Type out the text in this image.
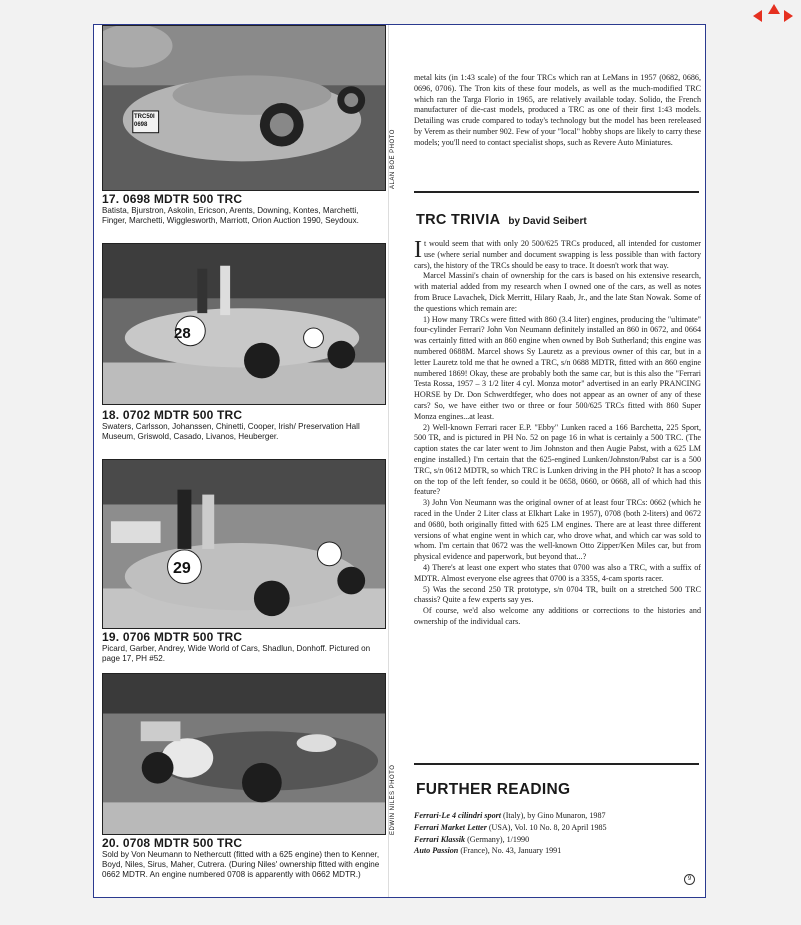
TRC50I 0698
ALAN BOE PHOTO
17. 0698 MDTR 500 TRC

Batista, Bjurstron, Askolin, Ericson, Arents, Downing, Kontes, Marchetti, Finger, Marchetti, Wigglesworth, Marriott, Orion Auction 1990, Seydoux.

28
18. 0702 MDTR 500 TRC

Swaters, Carlsson, Johanssen, Chinetti, Cooper, Irish/ Preservation Hall Museum, Griswold, Casado, Livanos, Heuberger.

29
19. 0706 MDTR 500 TRC

Picard, Garber, Andrey, Wide World of Cars, Shadlun, Donhoff. Pictured on page 17, PH #52.

EDWIN NILES PHOTO
20. 0708 MDTR 500 TRC

Sold by Von Neumann to Nethercutt (fitted with a 625 engine) then to Kenner, Boyd, Niles, Sirus, Maher, Cutrera. (During Niles' ownership fitted with engine 0662 MDTR. An engine numbered 0708 is apparently with 0662 MDTR.)

metal kits (in 1:43 scale) of the four TRCs which ran at LeMans in 1957 (0682, 0686, 0696, 0706). The Tron kits of these four models, as well as the much-modified TRC which ran the Targa Florio in 1965, are relatively available today. Solido, the French manufacturer of die-cast models, produced a TRC as one of their first 1:43 models. Detailing was crude compared to today's technology but the model has been rereleased by Verem as their number 902. Few of your "local" hobby shops are likely to carry these models; you'll need to contact specialist shops, such as Revere Auto Miniatures.

TRC TRIVIA by David Seibert

It would seem that with only 20 500/625 TRCs produced, all intended for customer use (where serial number and document swapping is less possible than with factory cars), the history of the TRCs should be easy to trace. It doesn't work that way.

Marcel Massini's chain of ownership for the cars is based on his extensive research, with material added from my research when I owned one of the cars, as well as notes from Bruce Lavachek, Dick Merritt, Hilary Raab, Jr., and the late Stan Nowak. Some of the questions which remain are:

1) How many TRCs were fitted with 860 (3.4 liter) engines, producing the "ultimate" four-cylinder Ferrari? John Von Neumann definitely installed an 860 in 0672, and 0664 was certainly fitted with an 860 engine when owned by Bob Sutherland; this engine was numbered 0688M. Marcel shows Sy Lauretz as a previous owner of this car, but in a letter Lauretz told me that he owned a TRC, s/n 0688 MDTR, fitted with an 860 engine numbered 1869! Okay, these are probably both the same car, but is this also the "Ferrari Testa Rossa, 1957 – 3 1/2 liter 4 cyl. Monza motor" advertised in an early PRANCING HORSE by Dr. Don Schwerdtfeger, who does not appear as an owner of any of these cars? So, we have either two or three or four 500/625 TRCs fitted with 860 Super Monza engines...at least.

2) Well-known Ferrari racer E.P. "Ebby" Lunken raced a 166 Barchetta, 225 Sport, 500 TR, and is pictured in PH No. 52 on page 16 in what is certainly a 500 TRC. (The caption states the car later went to Jim Johnston and then Augie Pabst, with a 625 LM engine installed.) I'm certain that the 625-engined Lunken/Johnston/Pabst car is a 500 TRC, s/n 0612 MDTR, so which TRC is Lunken driving in the PH photo? It has a scoop on the top of the left fender, so could it be 0658, 0660, or 0668, all of which had this feature?

3) John Von Neumann was the original owner of at least four TRCs: 0662 (which he raced in the Under 2 Liter class at Elkhart Lake in 1957), 0708 (both 2-liters) and 0672 and 0680, both originally fitted with 625 LM engines. There are at least three different versions of what engine went in which car, who drove what, and which car was sold to whom. I'm certain that 0672 was the well-known Otto Zipper/Ken Miles car, but from physical evidence and paperwork, but beyond that...?

4) There's at least one expert who states that 0700 was also a TRC, with a suffix of MDTR. Almost everyone else agrees that 0700 is a 335S, 4-cam sports racer.

5) Was the second 250 TR prototype, s/n 0704 TR, built on a stretched 500 TRC chassis? Quite a few experts say yes.

Of course, we'd also welcome any additions or corrections to the histories and ownership of the individual cars.

FURTHER READING
Ferrari-Le 4 cilindri sport (Italy), by Gino Munaron, 1987
Ferrari Market Letter (USA), Vol. 10 No. 8, 20 April 1985
Ferrari Klassik (Germany), 1/1990
Auto Passion (France), No. 43, January 1991
9
